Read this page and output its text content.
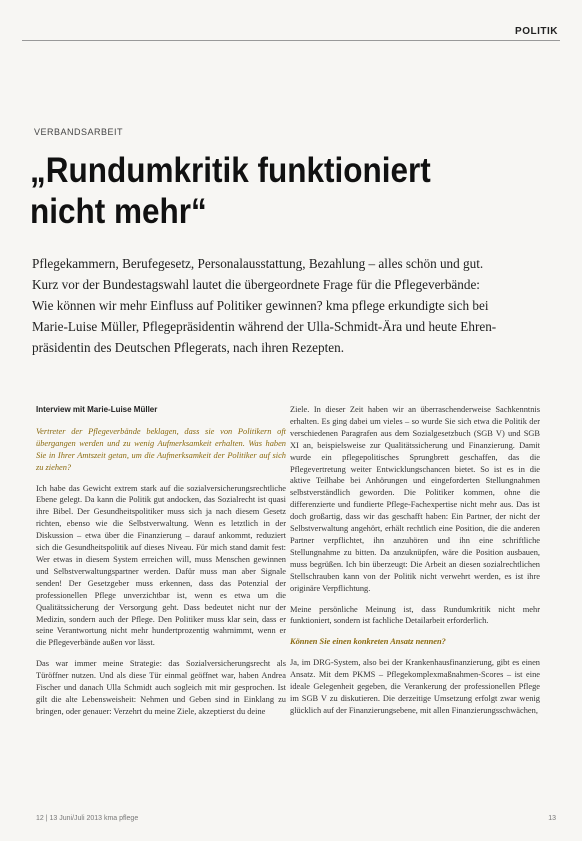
POLITIK
VERBANDSARBEIT
„Rundumkritik funktioniert
nicht mehr“
Pflegekammern, Berufegesetz, Personalausstattung, Bezahlung – alles schön und gut.
Kurz vor der Bundestagswahl lautet die übergeordnete Frage für die Pflegeverbände:
Wie können wir mehr Einfluss auf Politiker gewinnen? kma pflege erkundigte sich bei
Marie-Luise Müller, Pflegepräsidentin während der Ulla-Schmidt-Ära und heute Ehren-
präsidentin des Deutschen Pflegerats, nach ihren Rezepten.

Interview mit Marie-Luise Müller

Vertreter der Pflegeverbände beklagen, dass sie von Politikern oft übergangen werden und zu wenig Aufmerksamkeit erhalten. Was haben Sie in Ihrer Amtszeit getan, um die Aufmerksamkeit der Politiker auf sich zu ziehen?

Ich habe das Gewicht extrem stark auf die sozialversicherungsrechtliche Ebene gelegt. Da kann die Politik gut andocken, das Sozialrecht ist quasi ihre Bibel. Der Gesundheitspolitiker muss sich ja nach diesem Gesetz richten, ebenso wie die Selbstverwaltung. Wenn es letztlich in der Diskussion – etwa über die Finanzierung – darauf ankommt, reduziert sich die Gesundheitspolitik auf dieses Niveau. Für mich stand damit fest: Wer etwas in diesem System erreichen will, muss Menschen gewinnen und Selbstverwaltungspartner werden. Dafür muss man aber Signale senden! Der Gesetzgeber muss erkennen, dass das Potenzial der professionellen Pflege unverzichtbar ist, wenn es etwa um die Qualitätssicherung der Versorgung geht. Dass bedeutet nicht nur der Medizin, sondern auch der Pflege. Den Politiker muss klar sein, dass er seine Verantwortung nicht mehr hundertprozentig wahrnimmt, wenn er die Pflegeverbände außen vor lässt.

Das war immer meine Strategie: das Sozialversicherungsrecht als Türöffner nutzen. Und als diese Tür einmal geöffnet war, haben Andrea Fischer und danach Ulla Schmidt auch sogleich mit mir gesprochen. Ist gilt die alte Lebensweisheit: Nehmen und Geben sind in Einklang zu bringen, oder genauer: Verzehrt du meine Ziele, akzeptierst du deine

Ziele. In dieser Zeit haben wir an überraschenderweise Sachkenntnis erhalten. Es ging dabei um vieles – so wurde Sie sich etwa die Politik der verschiedenen Paragrafen aus dem Sozialgesetzbuch (SGB V) und SGB XI an, beispielsweise zur Qualitätssicherung und Finanzierung. Damit wurde ein pflegepolitisches Sprungbrett geschaffen, das die Pflegevertretung weiter Entwicklungschancen bietet. So ist es in die aktive Teilhabe bei Anhörungen und eingeforderten Stellungnahmen selbstverständlich geworden. Die Politiker kommen, ohne die differenzierte und fundierte Pflege-Fachexpertise nicht mehr aus. Das ist doch großartig, dass wir das geschafft haben: Ein Partner, der nicht der Selbstverwaltung angehört, erhält rechtlich eine Position, die die anderen Partner verpflichtet, ihn anzuhören und ihn eine schriftliche Stellungnahme zu bitten. Da anzuknüpfen, wäre die Position ausbauen, muss begrüßen. Ich bin überzeugt: Die Arbeit an diesen sozialrechtlichen Stellschrauben kann von der Politik nicht verwehrt werden, es ist ihre originäre Verpflichtung.

Meine persönliche Meinung ist, dass Rundumkritik nicht mehr funktioniert, sondern ist fachliche Detailarbeit erforderlich.

Können Sie einen konkreten Ansatz nennen?

Ja, im DRG-System, also bei der Krankenhausfinanzierung, gibt es einen Ansatz. Mit dem PKMS – Pflegekomplexmaßnahmen-Scores – ist eine ideale Gelegenheit gegeben, die Verankerung der professionellen Pflege im SGB V zu diskutieren. Die derzeitige Umsetzung erfolgt zwar wenig glücklich auf der Finanzierungsebene, mit allen Finanzierungsschwächen,

12 | 13 Juni/Juli 2013 kma pflege	13
